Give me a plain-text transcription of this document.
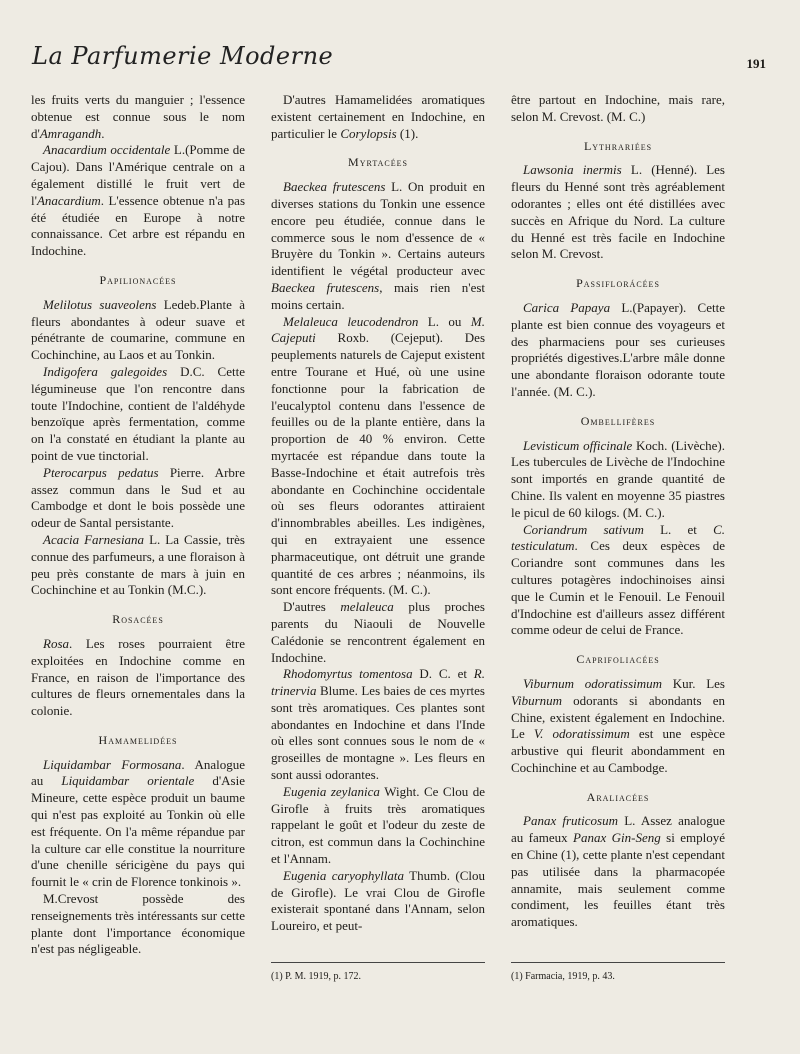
La Parfumerie Moderne	191

les fruits verts du manguier ; l'essence obtenue est connue sous le nom d'Amragandh.

Anacardium occidentale L.(Pomme de Cajou). Dans l'Amérique centrale on a également distillé le fruit vert de l'Anacardium. L'essence obtenue n'a pas été étudiée en Europe à notre connaissance. Cet arbre est répandu en Indochine.

Papilionacées

Melilotus suaveolens Ledeb.Plante à fleurs abondantes à odeur suave et pénétrante de coumarine, commune en Cochinchine, au Laos et au Tonkin.

Indigofera galegoides D.C. Cette légumineuse que l'on rencontre dans toute l'Indochine, contient de l'aldéhyde benzoïque après fermentation, comme on l'a constaté en étudiant la plante au point de vue tinctorial.

Pterocarpus pedatus Pierre. Arbre assez commun dans le Sud et au Cambodge et dont le bois possède une odeur de Santal persistante.

Acacia Farnesiana L. La Cassie, très connue des parfumeurs, a une floraison à peu près constante de mars à juin en Cochinchine et au Tonkin (M.C.).

Rosacées

Rosa. Les roses pourraient être exploitées en Indochine comme en France, en raison de l'importance des cultures de fleurs ornementales dans la colonie.

Hamamelidées

Liquidambar Formosana. Analogue au Liquidambar orientale d'Asie Mineure, cette espèce produit un baume qui n'est pas exploité au Tonkin où elle est fréquente. On l'a même répandue par la culture car elle constitue la nourriture d'une chenille séricigène du pays qui fournit le « crin de Florence tonkinois ».

M.Crevost possède des renseignements très intéressants sur cette plante dont l'importance économique n'est pas négligeable.

D'autres Hamamelidées aromatiques existent certainement en Indochine, en particulier le Corylopsis (1).

Myrtacées

Baeckea frutescens L. On produit en diverses stations du Tonkin une essence encore peu étudiée, connue dans le commerce sous le nom d'essence de « Bruyère du Tonkin ». Certains auteurs identifient le végétal producteur avec Baeckea frutescens, mais rien n'est moins certain.

Melaleuca leucodendron L. ou M. Cajeputi Roxb. (Cejeput). Des peuplements naturels de Cajeput existent entre Tourane et Hué, où une usine fonctionne pour la fabrication de l'eucalyptol contenu dans l'essence de feuilles ou de la plante entière, dans la proportion de 40 % environ. Cette myrtacée est répandue dans toute la Basse-Indochine et était autrefois très abondante en Cochinchine occidentale où ses fleurs odorantes attiraient d'innombrables abeilles. Les indigènes, qui en extrayaient une essence pharmaceutique, ont détruit une grande quantité de ces arbres ; néanmoins, ils sont encore fréquents. (M. C.).

D'autres melaleuca plus proches parents du Niaouli de Nouvelle Calédonie se rencontrent également en Indochine.

Rhodomyrtus tomentosa D. C. et R. trinervia Blume. Les baies de ces myrtes sont très aromatiques. Ces plantes sont abondantes en Indochine et dans l'Inde où elles sont connues sous le nom de « groseilles de montagne ». Les fleurs en sont aussi odorantes.

Eugenia zeylanica Wight. Ce Clou de Girofle à fruits très aromatiques rappelant le goût et l'odeur du zeste de citron, est commun dans la Cochinchine et l'Annam.

Eugenia caryophyllata Thumb. (Clou de Girofle). Le vrai Clou de Girofle existerait spontané dans l'Annam, selon Loureiro, et peut-

être partout en Indochine, mais rare, selon M. Crevost. (M. C.)

Lythrariées

Lawsonia inermis L. (Henné). Les fleurs du Henné sont très agréablement odorantes ; elles ont été distillées avec succès en Afrique du Nord. La culture du Henné est très facile en Indochine selon M. Crevost.

Passiflorácées

Carica Papaya L.(Papayer). Cette plante est bien connue des voyageurs et des pharmaciens pour ses curieuses propriétés digestives.L'arbre mâle donne une abondante floraison odorante toute l'année. (M. C.).

Ombellifères

Levisticum officinale Koch. (Livèche). Les tubercules de Livèche de l'Indochine sont importés en grande quantité de Chine. Ils valent en moyenne 35 piastres le picul de 60 kilogs. (M. C.).

Coriandrum sativum L. et C. testiculatum. Ces deux espèces de Coriandre sont communes dans les cultures potagères indochinoises ainsi que le Cumin et le Fenouil. Le Fenouil d'Indochine est d'ailleurs assez différent comme odeur de celui de France.

Caprifoliacées

Viburnum odoratissimum Kur. Les Viburnum odorants si abondants en Chine, existent également en Indochine. Le V. odoratissimum est une espèce arbustive qui fleurit abondamment en Cochinchine et au Cambodge.

Araliacées

Panax fruticosum L. Assez analogue au fameux Panax Gin-Seng si employé en Chine (1), cette plante n'est cependant pas utilisée dans la pharmacopée annamite, mais seulement comme condiment, les feuilles étant très aromatiques.

(1) P. M. 1919, p. 172.	(1) Farmacia, 1919, p. 43.
